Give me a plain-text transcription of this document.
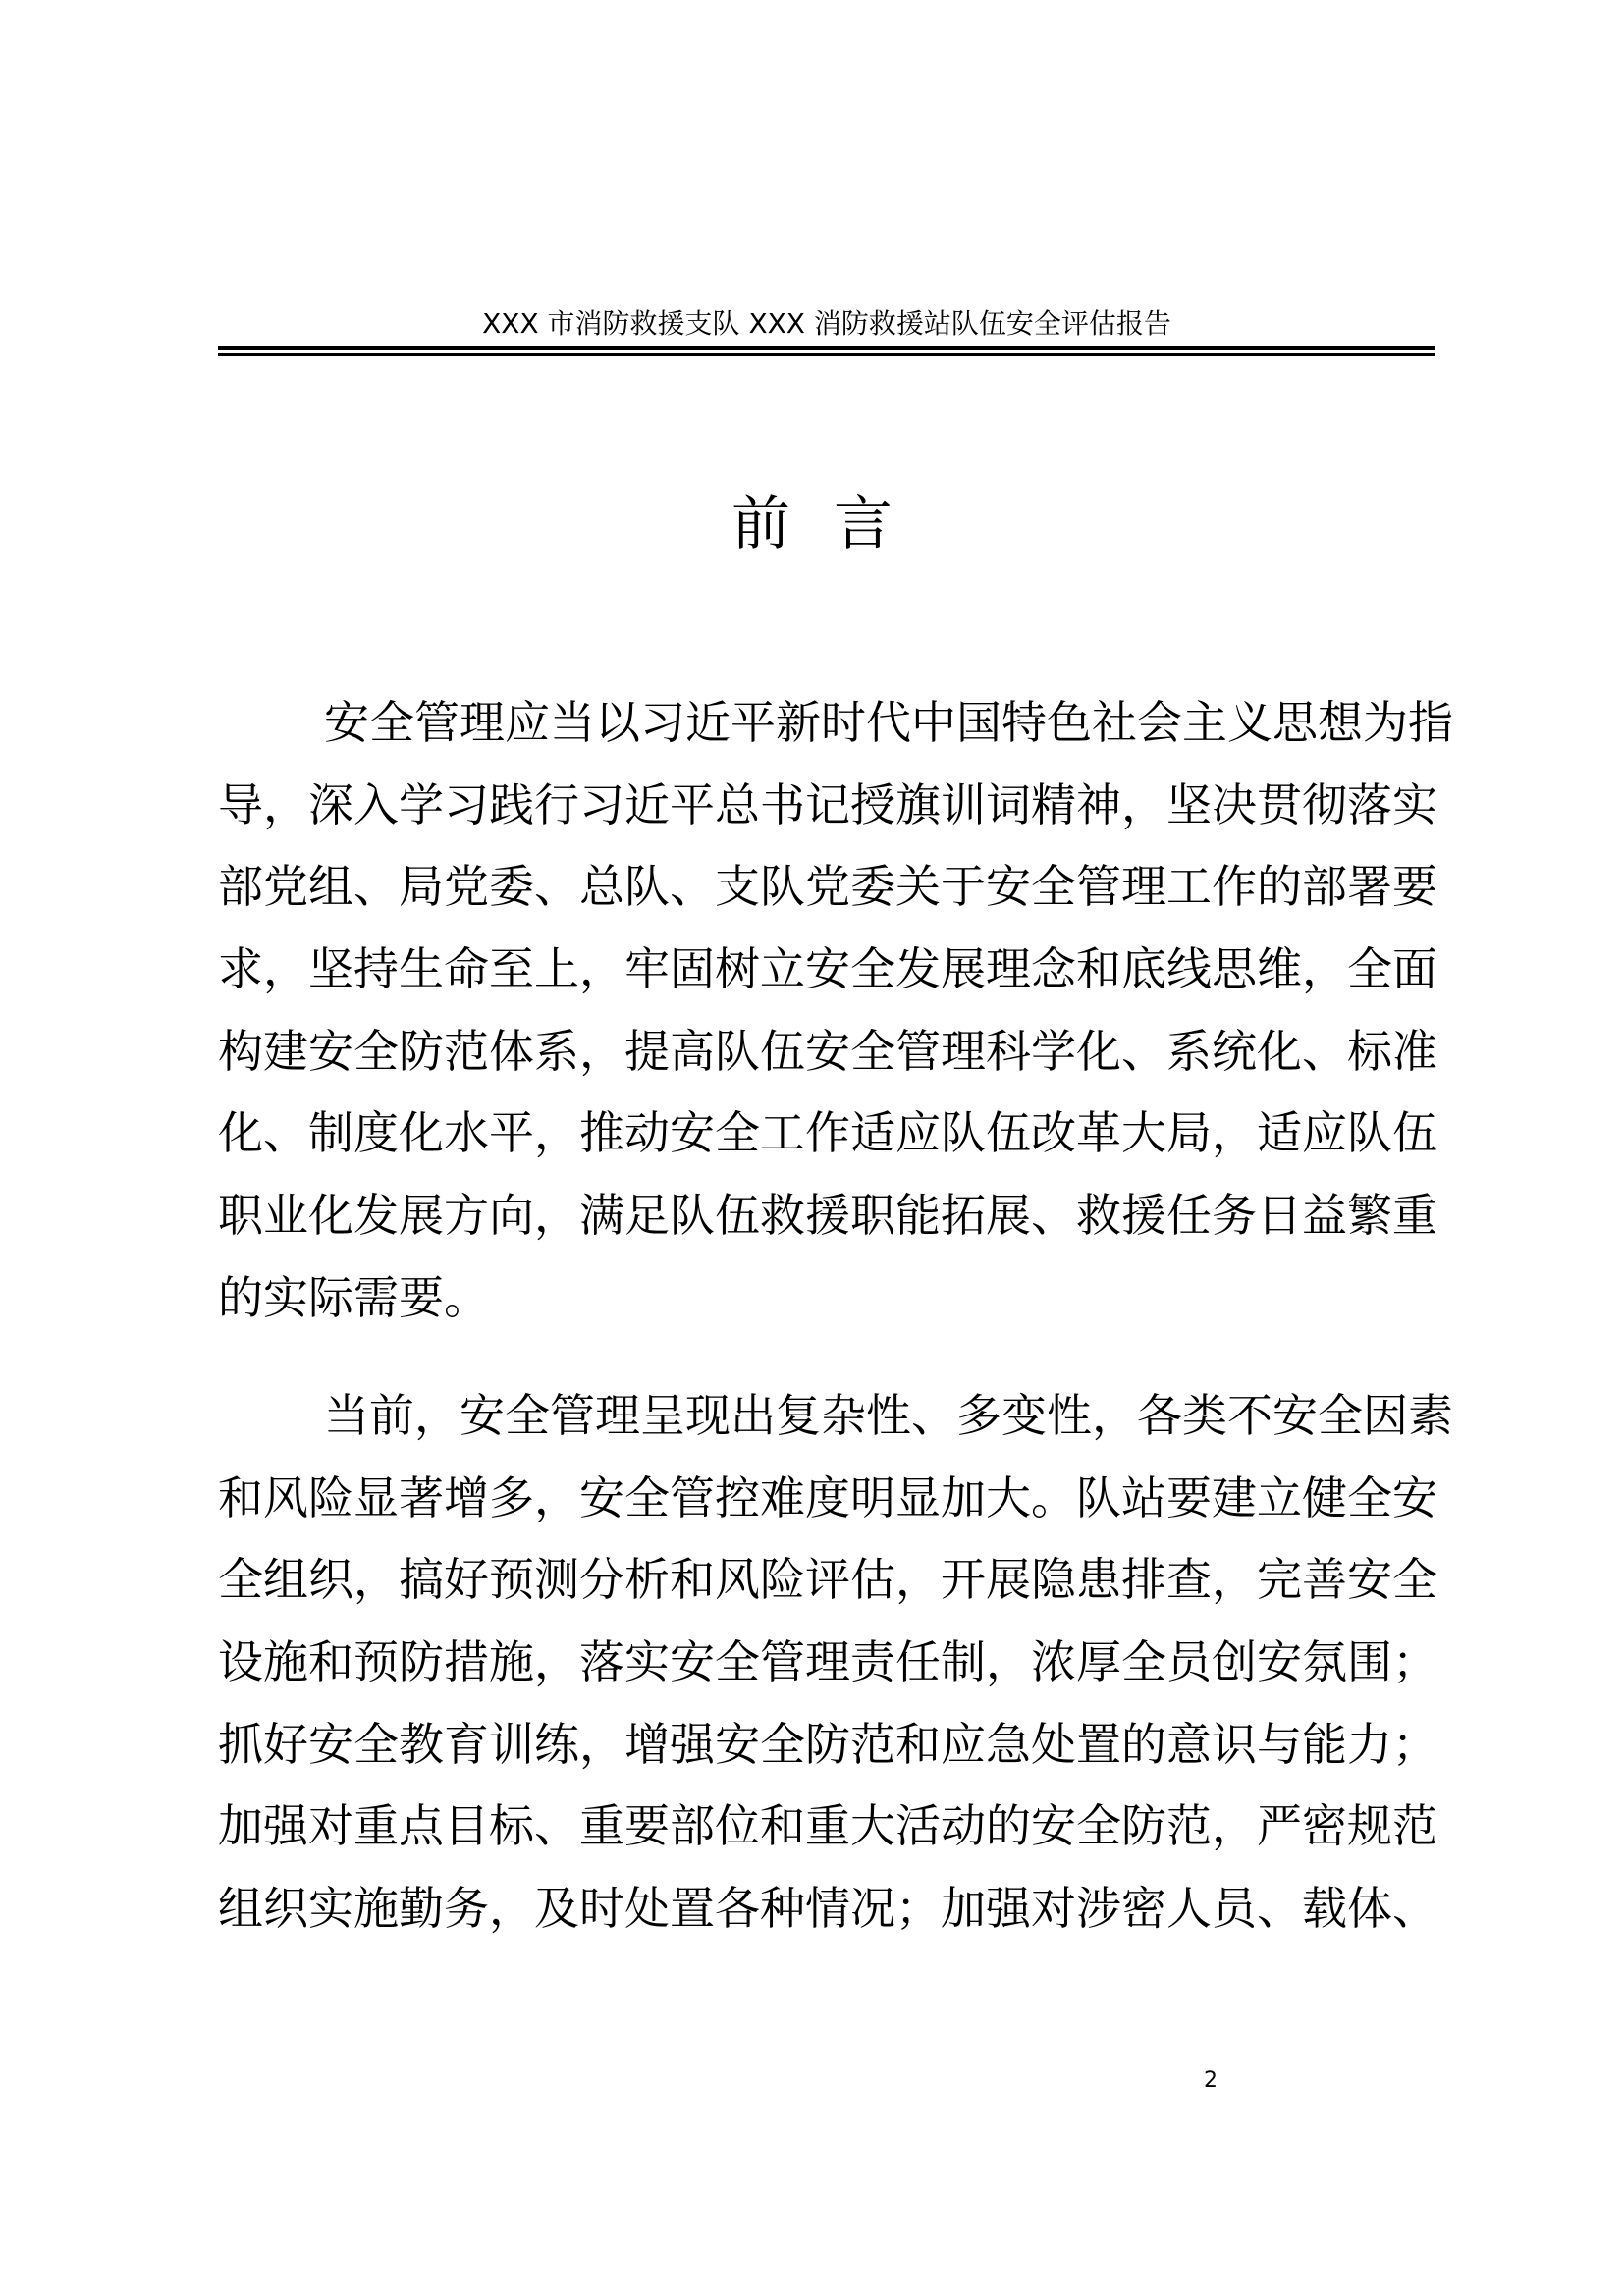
XXX 市消防救援支队 XXX 消防救援站队伍安全评估报告
前 言
安全管理应当以习近平新时代中国特色社会主义思想为指
导，深入学习践行习近平总书记授旗训词精神，坚决贯彻落实
部党组、局党委、总队、支队党委关于安全管理工作的部署要
求，坚持生命至上，牢固树立安全发展理念和底线思维，全面
构建安全防范体系，提高队伍安全管理科学化、系统化、标准
化、制度化水平，推动安全工作适应队伍改革大局，适应队伍
职业化发展方向，满足队伍救援职能拓展、救援任务日益繁重
的实际需要。
当前，安全管理呈现出复杂性、多变性，各类不安全因素
和风险显著增多，安全管控难度明显加大。队站要建立健全安
全组织，搞好预测分析和风险评估，开展隐患排查，完善安全
设施和预防措施，落实安全管理责任制，浓厚全员创安氛围；
抓好安全教育训练，增强安全防范和应急处置的意识与能力；
加强对重点目标、重要部位和重大活动的安全防范，严密规范
组织实施勤务，及时处置各种情况；加强对涉密人员、载体、
2
